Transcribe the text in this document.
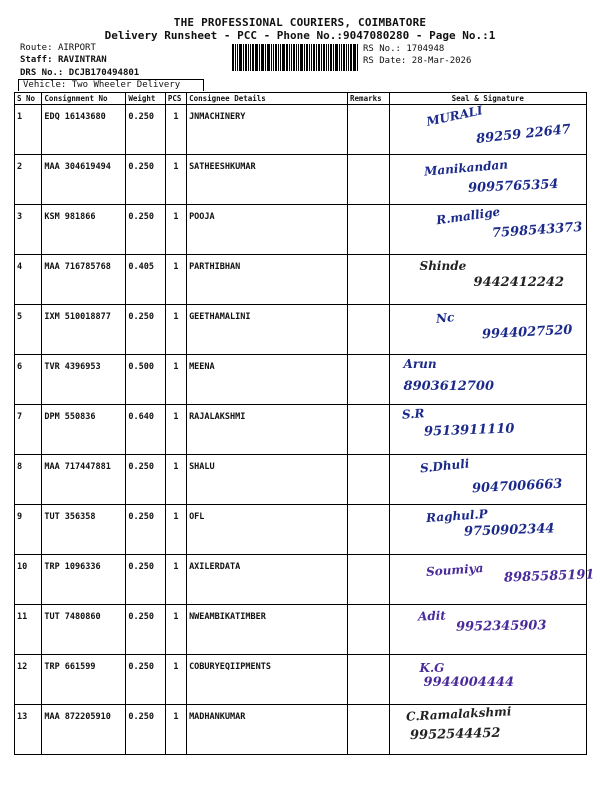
THE PROFESSIONAL COURIERS, COIMBATORE
Delivery Runsheet - PCC - Phone No.:9047080280 - Page No.:1
Route: AIRPORT
Staff: RAVINTRAN
DRS No.: DCJB170494801
RS No.: 1704948
RS Date: 28-Mar-2026
Vehicle: Two Wheeler Delivery
S No	Consignment No	Weight	PCS	Consignee Details	Remarks	Seal & Signature
1	EDQ 16143680	0.250	1	JNMACHINERY		MURALI
89259 22647

2	MAA 304619494	0.250	1	SATHEESHKUMAR		Manikandan
9095765354

3	KSM 981866	0.250	1	POOJA		R.mallige
7598543373

4	MAA 716785768	0.405	1	PARTHIBHAN		Shinde
9442412242

5	IXM 510018877	0.250	1	GEETHAMALINI		Nc
9944027520

6	TVR 4396953	0.500	1	MEENA		Arun
8903612700

7	DPM 550836	0.640	1	RAJALAKSHMI		S.R
9513911110

8	MAA 717447881	0.250	1	SHALU		S.Dhuli
9047006663

9	TUT 356358	0.250	1	OFL		Raghul.P
9750902344

10	TRP 1096336	0.250	1	AXILERDATA		Soumiya 8985585191

11	TUT 7480860	0.250	1	NWEAMBIKATIMBER		Adit
9952345903

12	TRP 661599	0.250	1	COBURYEQIIPMENTS		K.G
9944004444

13	MAA 872205910	0.250	1	MADHANKUMAR		C.Ramalakshmi
9952544452
